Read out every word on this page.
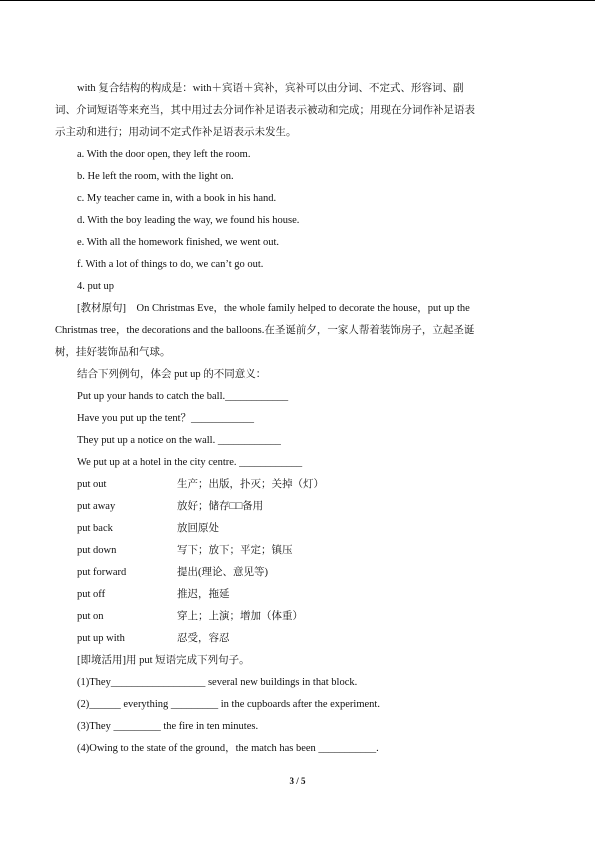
with 复合结构的构成是：with＋宾语＋宾补，宾补可以由分词、不定式、形容词、副

词、介词短语等来充当，其中用过去分词作补足语表示被动和完成；用现在分词作补足语表

示主动和进行；用动词不定式作补足语表示未发生。

a. With the door open, they left the room.

b. He left the room, with the light on.

c. My teacher came in, with a book in his hand.

d. With the boy leading the way, we found his house.

e. With all the homework finished, we went out.

f. With a lot of things to do, we can’t go out.

4. put up

[教材原句]　On Christmas Eve，the whole family helped to decorate the house，put up the

Christmas tree，the decorations and the balloons.在圣诞前夕，一家人帮着装饰房子，立起圣诞

树，挂好装饰品和气球。

结合下列例句，体会 put up 的不同意义：

Put up your hands to catch the ball.____________

Have you put up the tent？____________

They put up a notice on the wall. ____________

We put up at a hotel in the city centre. ____________

put out	生产；出版，扑灭；关掉（灯）
put away	放好；储存□□备用
put back	放回原处
put down	写下；放下；平定；镇压
put forward	提出(理论、意见等)
put off	推迟，拖延
put on	穿上；上演；增加（体重）
put up with	忍受，容忍

[即境活用]用 put 短语完成下列句子。

(1)They__________________ several new buildings in that block.

(2)______ everything _________ in the cupboards after the experiment.

(3)They _________ the fire in ten minutes.

(4)Owing to the state of the ground，the match has been ___________.

3 / 5
